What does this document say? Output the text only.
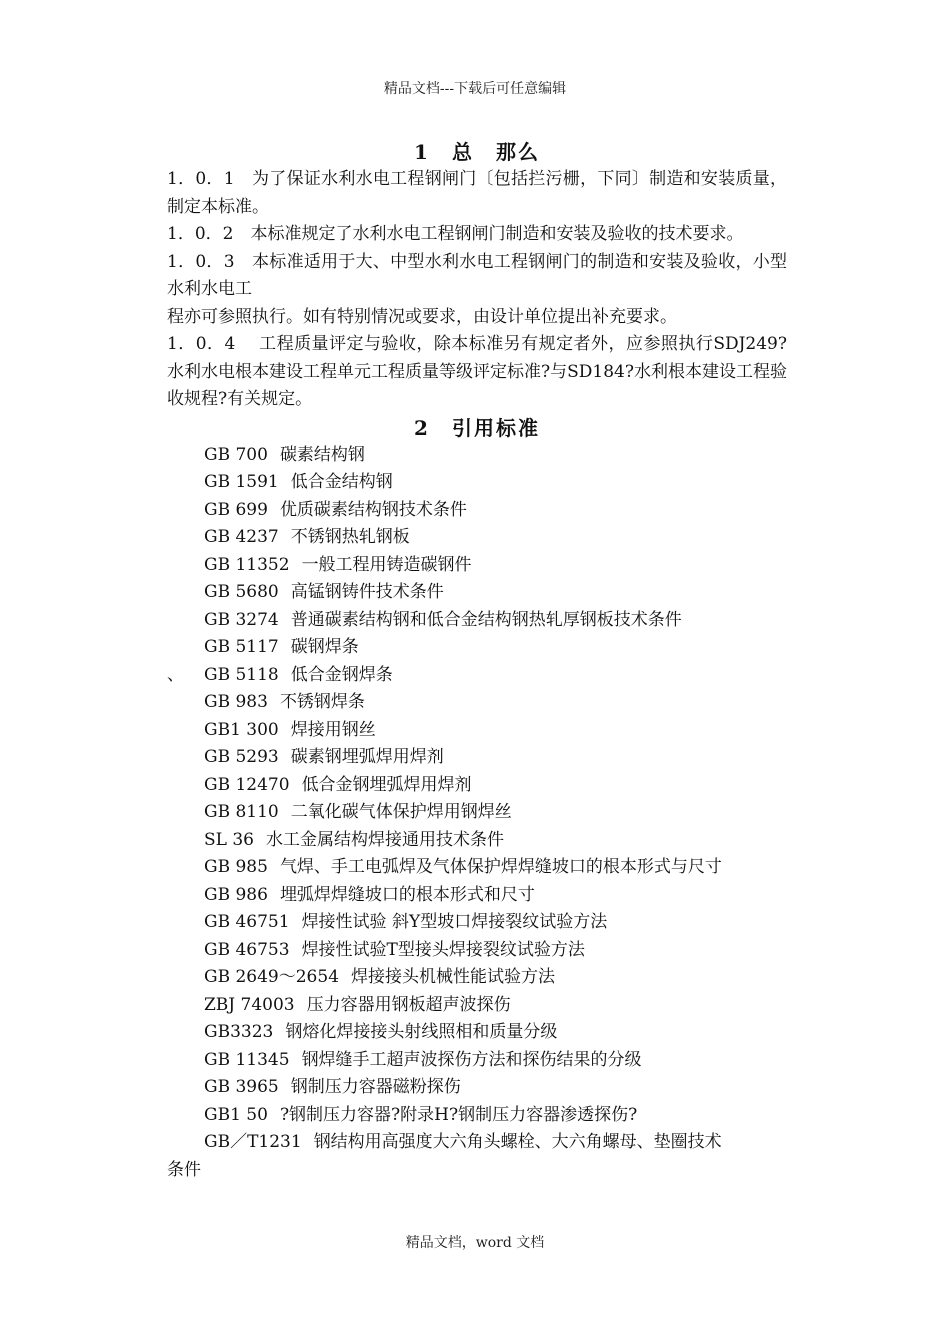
精品文档---下载后可任意编辑

1　总　那么

1．0．1　为了保证水利水电工程钢闸门〔包括拦污栅，下同〕制造和安装质量，制定本标准。

1．0．2　本标准规定了水利水电工程钢闸门制造和安装及验收的技术要求。

1．0．3　本标准适用于大、中型水利水电工程钢闸门的制造和安装及验收，小型水利水电工

程亦可参照执行。如有特别情况或要求，由设计单位提出补充要求。

1．0．4　 工程质量评定与验收，除本标准另有规定者外，应参照执行SDJ249?水利水电根本建设工程单元工程质量等级评定标准?与SD184?水利根本建设工程验收规程?有关规定。

2　引用标准

GB 700 碳素结构钢
GB 1591 低合金结构钢
GB 699 优质碳素结构钢技术条件
GB 4237 不锈钢热轧钢板
GB 11352 一般工程用铸造碳钢件
GB 5680 高锰钢铸件技术条件
GB 3274 普通碳素结构钢和低合金结构钢热轧厚钢板技术条件
GB 5117 碳钢焊条
、 GB 5118 低合金钢焊条
GB 983 不锈钢焊条
GB1 300 焊接用钢丝
GB 5293 碳素钢埋弧焊用焊剂
GB 12470 低合金钢埋弧焊用焊剂
GB 8110 二氧化碳气体保护焊用钢焊丝
SL 36 水工金属结构焊接通用技术条件
GB 985 气焊、手工电弧焊及气体保护焊焊缝坡口的根本形式与尺寸
GB 986 埋弧焊焊缝坡口的根本形式和尺寸
GB 46751 焊接性试验 斜Y型坡口焊接裂纹试验方法
GB 46753 焊接性试验T型接头焊接裂纹试验方法
GB 2649～2654 焊接接头机械性能试验方法
ZBJ 74003 压力容器用钢板超声波探伤
GB3323 钢熔化焊接接头射线照相和质量分级
GB 11345 钢焊缝手工超声波探伤方法和探伤结果的分级
GB 3965 钢制压力容器磁粉探伤
GB1 50 ?钢制压力容器?附录H?钢制压力容器渗透探伤?
GB／T1231 钢结构用高强度大六角头螺栓、大六角螺母、垫圈技术
条件
精品文档，word 文档
